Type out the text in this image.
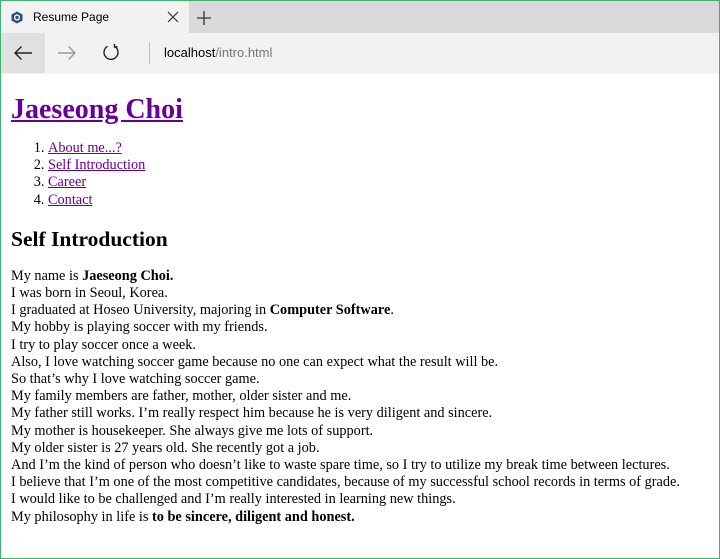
Resume Page
localhost /intro.html
Jaeseong Choi
1. About me...?
2. Self Introduction
3. Career
4. Contact
Self Introduction
My name is Jaeseong Choi.
I was born in Seoul, Korea.
I graduated at Hoseo University, majoring in Computer Software.
My hobby is playing soccer with my friends.
I try to play soccer once a week.
Also, I love watching soccer game because no one can expect what the result will be.
So that’s why I love watching soccer game.
My family members are father, mother, older sister and me.
My father still works. I’m really respect him because he is very diligent and sincere.
My mother is housekeeper. She always give me lots of support.
My older sister is 27 years old. She recently got a job.
And I’m the kind of person who doesn’t like to waste spare time, so I try to utilize my break time between lectures.
I believe that I’m one of the most competitive candidates, because of my successful school records in terms of grade.
I would like to be challenged and I’m really interested in learning new things.
My philosophy in life is to be sincere, diligent and honest.
